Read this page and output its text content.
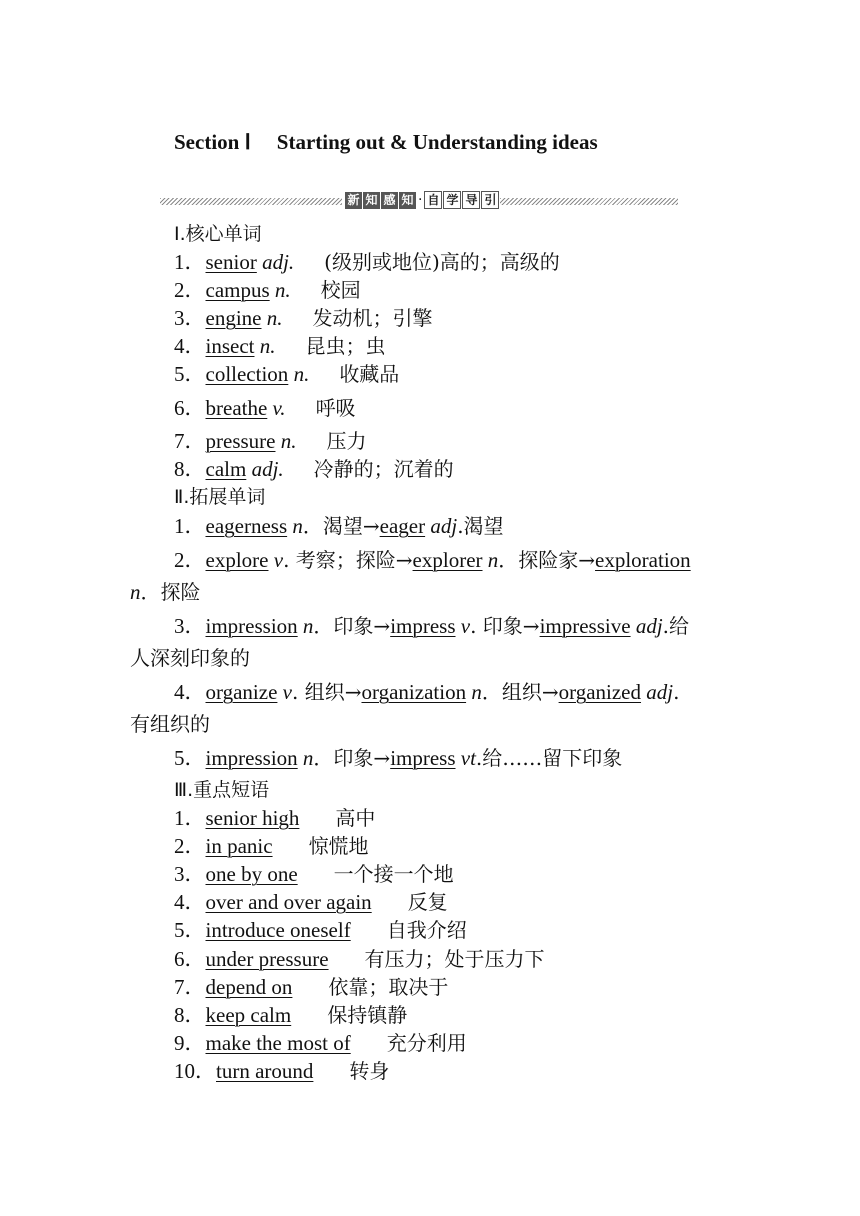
Section Ⅰ Starting out & Understanding ideas
新 知 感 知 · 自 学 导 引
Ⅰ.核心单词
1．senior adj. (级别或地位)高的；高级的
2．campus n. 校园
3．engine n. 发动机；引擎
4．insect n. 昆虫；虫
5．collection n. 收藏品
6．breathe v. 呼吸
7．pressure n. 压力
8．calm adj. 冷静的；沉着的
Ⅱ.拓展单词
1．eagerness n．渴望→eager adj.渴望
2．explore v. 考察；探险→explorer n．探险家→exploration
n．探险
3．impression n．印象→impress v. 印象→impressive adj.给
人深刻印象的
4．organize v. 组织→organization n．组织→organized adj.
有组织的
5．impression n．印象→impress vt.给……留下印象
Ⅲ.重点短语
1．senior high 高中
2．in panic 惊慌地
3．one by one 一个接一个地
4．over and over again 反复
5．introduce oneself 自我介绍
6．under pressure 有压力；处于压力下
7．depend on 依靠；取决于
8．keep calm 保持镇静
9．make the most of 充分利用
10．turn around 转身
